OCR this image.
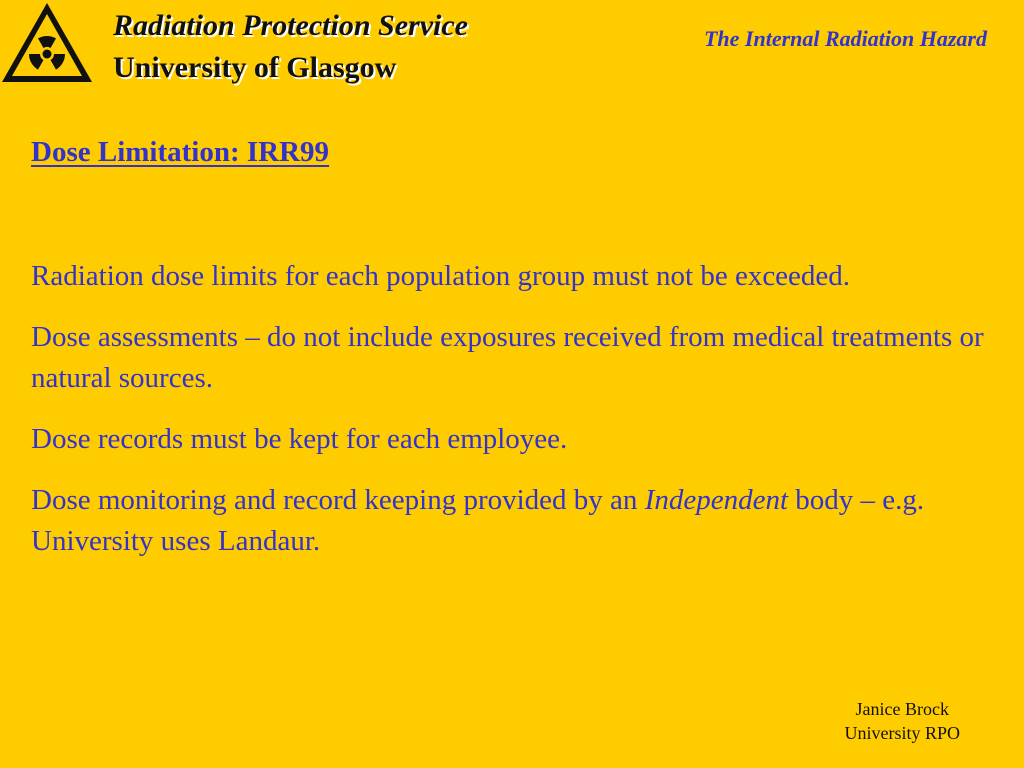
Radiation Protection Service
University of Glasgow
The Internal Radiation Hazard
Dose Limitation: IRR99

Radiation dose limits for each population group must not be exceeded.

Dose assessments – do not include exposures received from medical treatments or natural sources.

Dose records must be kept for each employee.

Dose monitoring and record keeping provided by an Independent body – e.g. University uses Landaur.

Janice Brock
University RPO
